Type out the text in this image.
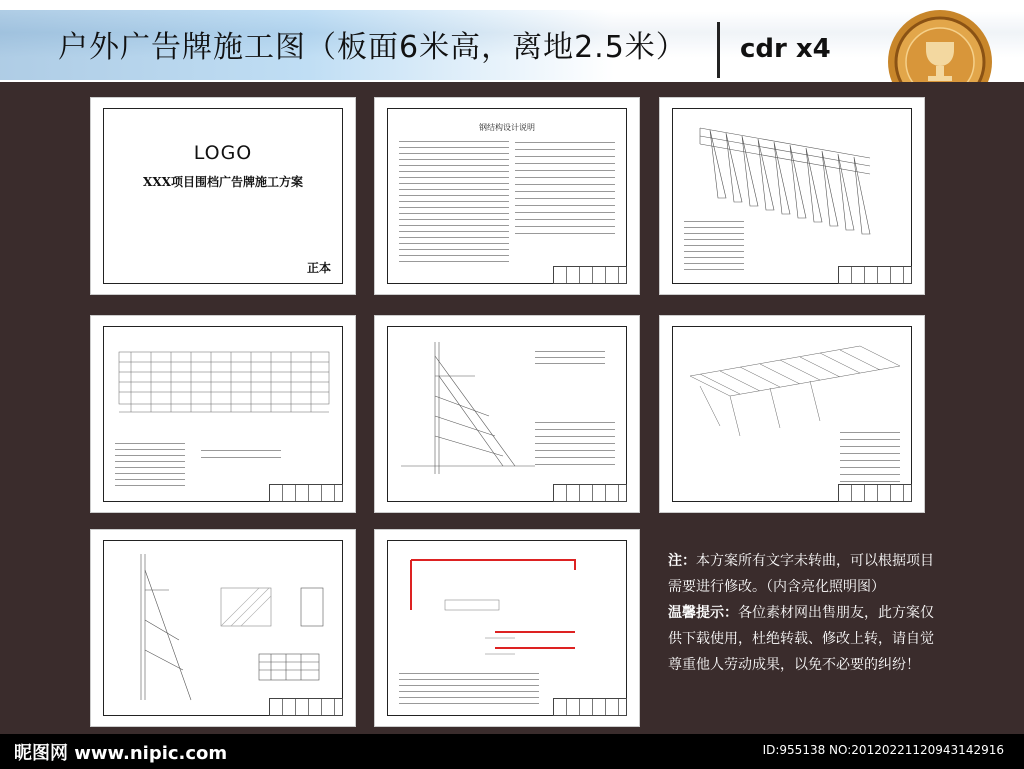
户外广告牌施工图（板面6米高，离地2.5米） cdr x4
LOGO
XXX项目围档广告牌施工方案
正本
钢结构设计说明
注：本方案所有文字未转曲，可以根据项目需要进行修改。（内含亮化照明图）
温馨提示：各位素材网出售朋友，此方案仅供下载使用，杜绝转载、修改上转，请自觉尊重他人劳动成果，以免不必要的纠纷！
昵图网 www.nipic.com	ID:955138 NO:20120221120943142916
